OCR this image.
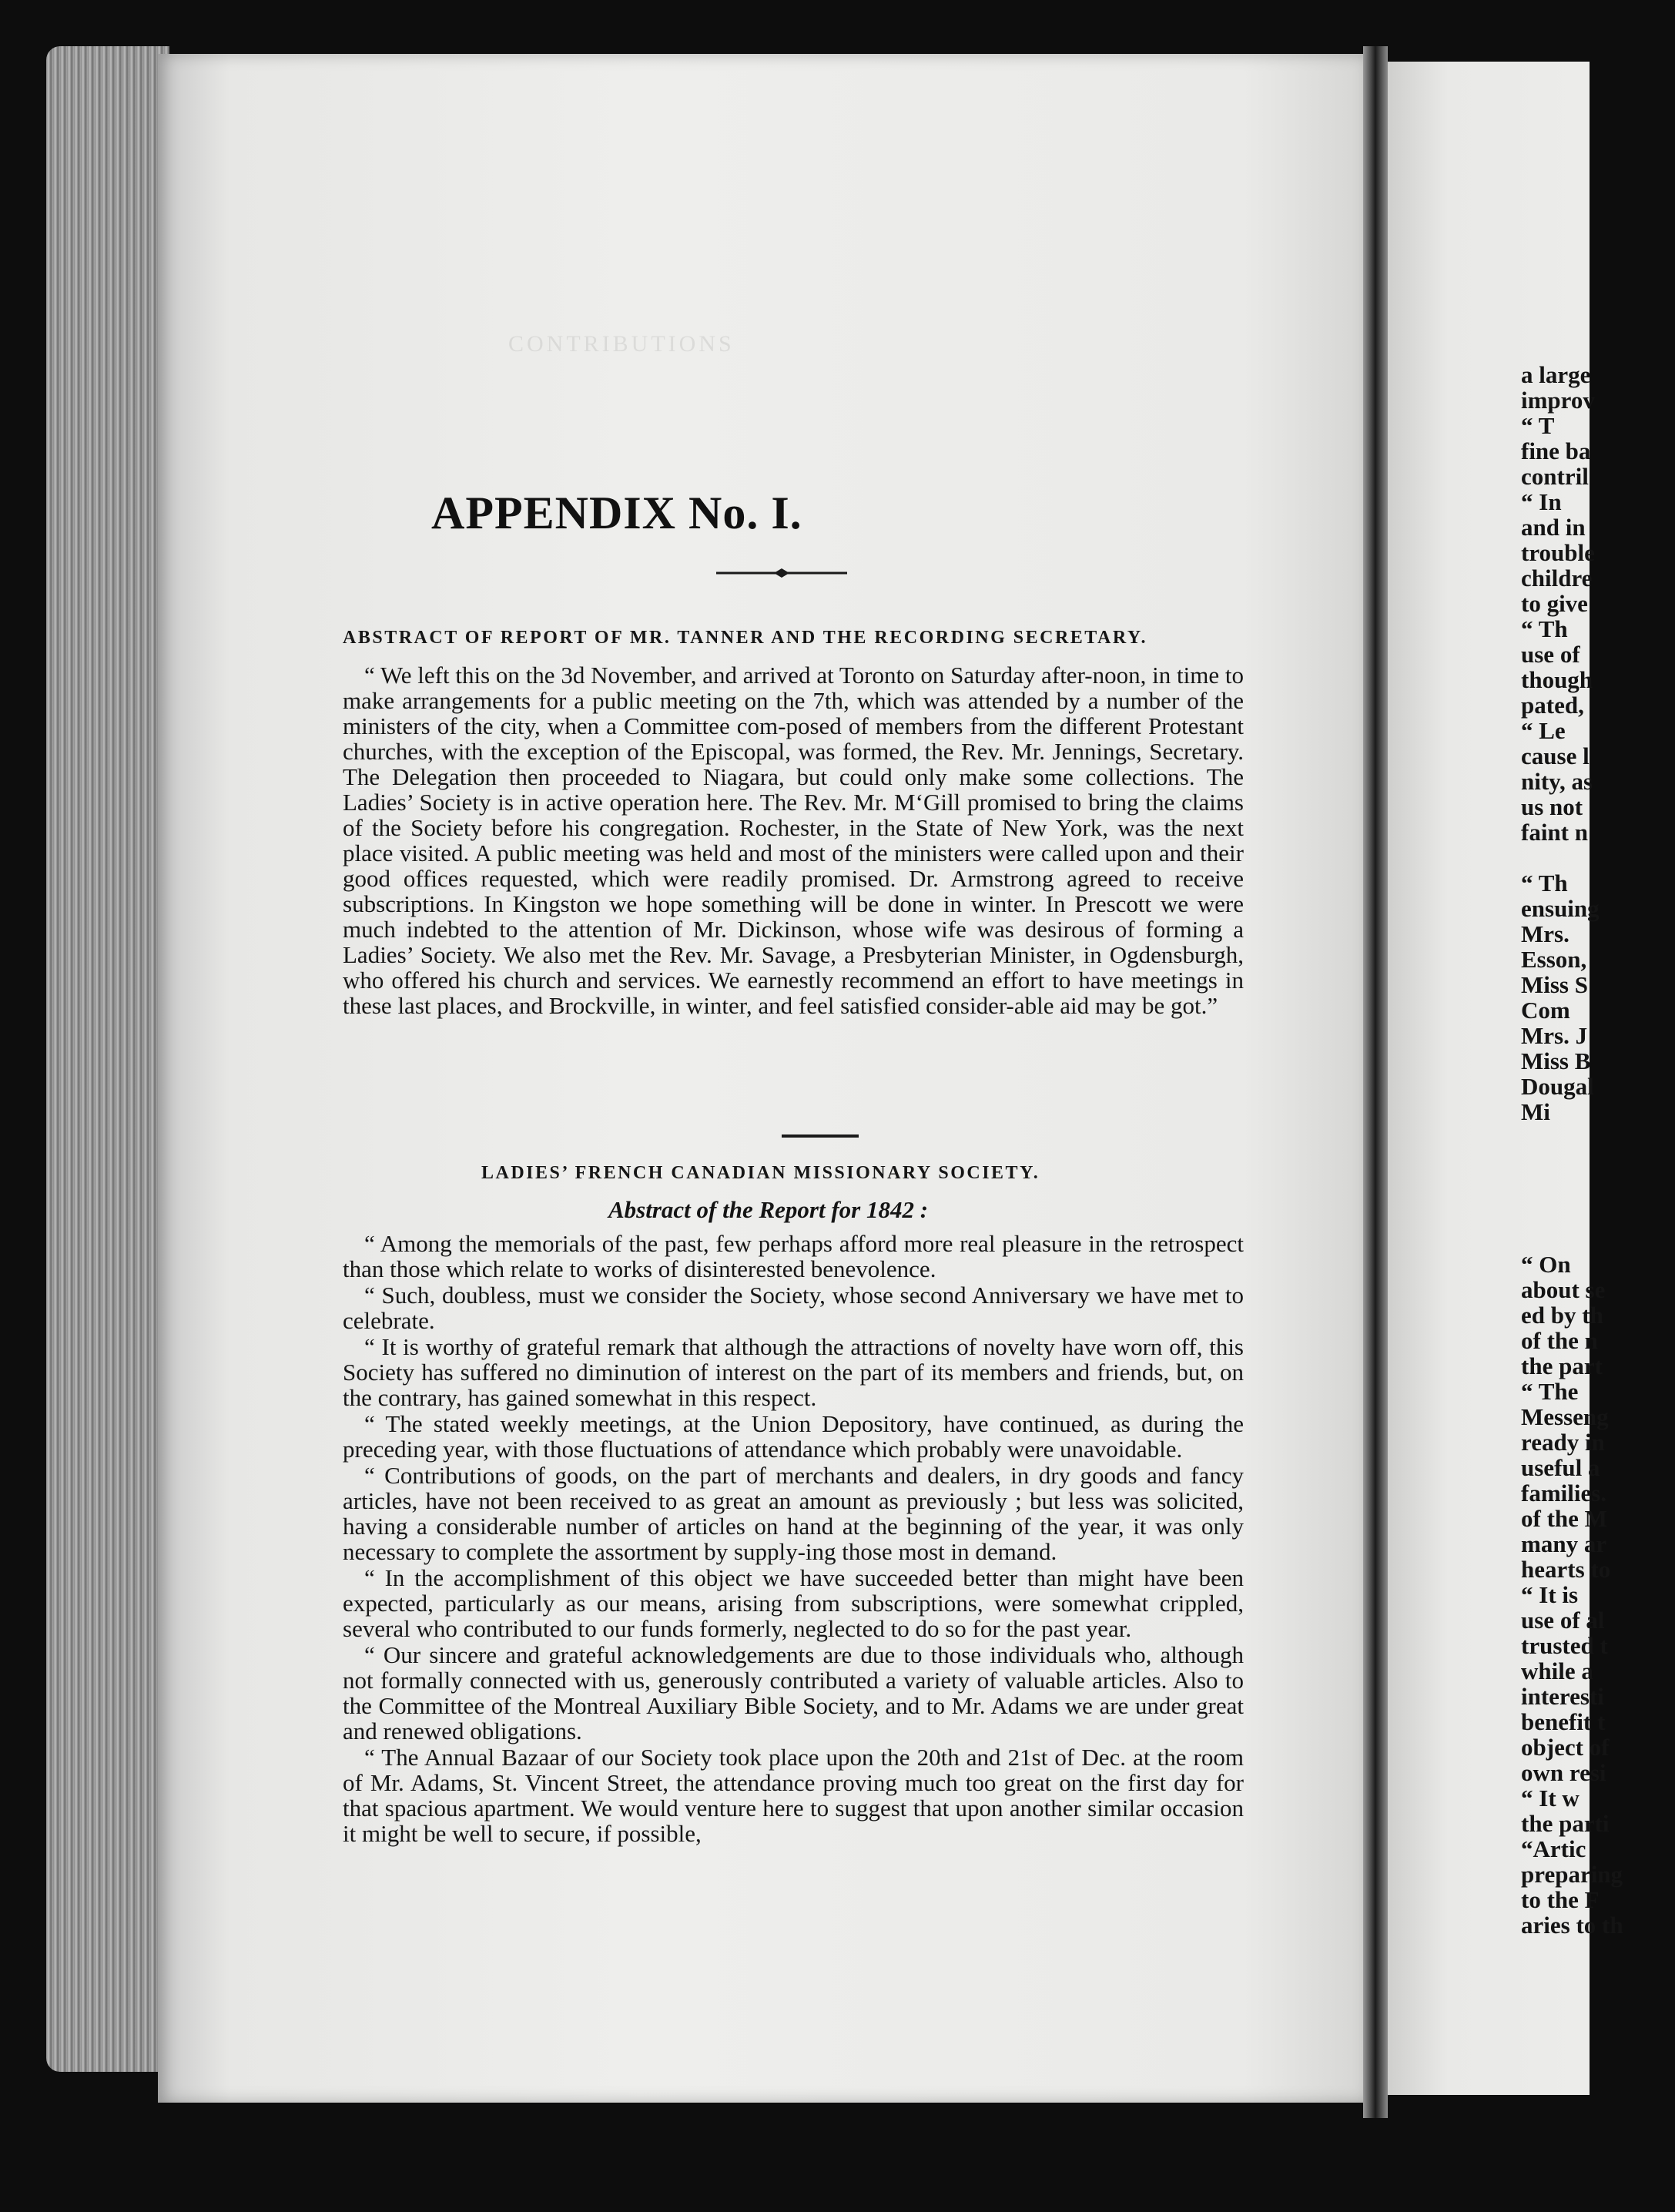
CONTRIBUTIONS
APPENDIX No. I.
ABSTRACT OF REPORT OF MR. TANNER AND THE RECORDING SECRETARY.

“ We left this on the 3d November, and arrived at Toronto on Saturday after-noon, in time to make arrangements for a public meeting on the 7th, which was attended by a number of the ministers of the city, when a Committee com-posed of members from the different Protestant churches, with the exception of the Episcopal, was formed, the Rev. Mr. Jennings, Secretary. The Delegation then proceeded to Niagara, but could only make some collections. The Ladies’ Society is in active operation here. The Rev. Mr. M‘Gill promised to bring the claims of the Society before his congregation. Rochester, in the State of New York, was the next place visited. A public meeting was held and most of the ministers were called upon and their good offices requested, which were readily promised. Dr. Armstrong agreed to receive subscriptions. In Kingston we hope something will be done in winter. In Prescott we were much indebted to the attention of Mr. Dickinson, whose wife was desirous of forming a Ladies’ Society. We also met the Rev. Mr. Savage, a Presbyterian Minister, in Ogdensburgh, who offered his church and services. We earnestly recommend an effort to have meetings in these last places, and Brockville, in winter, and feel satisfied consider-able aid may be got.”

LADIES’ FRENCH CANADIAN MISSIONARY SOCIETY.
Abstract of the Report for 1842 :

“ Among the memorials of the past, few perhaps afford more real pleasure in the retrospect than those which relate to works of disinterested benevolence.

“ Such, doubless, must we consider the Society, whose second Anniversary we have met to celebrate.

“ It is worthy of grateful remark that although the attractions of novelty have worn off, this Society has suffered no diminution of interest on the part of its members and friends, but, on the contrary, has gained somewhat in this respect.

“ The stated weekly meetings, at the Union Depository, have continued, as during the preceding year, with those fluctuations of attendance which probably were unavoidable.

“ Contributions of goods, on the part of merchants and dealers, in dry goods and fancy articles, have not been received to as great an amount as previously ; but less was solicited, having a considerable number of articles on hand at the beginning of the year, it was only necessary to complete the assortment by supply-ing those most in demand.

“ In the accomplishment of this object we have succeeded better than might have been expected, particularly as our means, arising from subscriptions, were somewhat crippled, several who contributed to our funds formerly, neglected to do so for the past year.

“ Our sincere and grateful acknowledgements are due to those individuals who, although not formally connected with us, generously contributed a variety of valuable articles. Also to the Committee of the Montreal Auxiliary Bible Society, and to Mr. Adams we are under great and renewed obligations.

“ The Annual Bazaar of our Society took place upon the 20th and 21st of Dec. at the room of Mr. Adams, St. Vincent Street, the attendance proving much too great on the first day for that spacious apartment. We would venture here to suggest that upon another similar occasion it might be well to secure, if possible,

a large
improv
“ T
fine ba
contril
“ In
and in
trouble
childre
to give
“ Th
use of
though
pated,
“ Le
cause l
nity, as
us not
faint n
“ Th
ensuing
Mrs.
Esson,
Miss S
Com
Mrs. J
Miss B
Dougal
Mi
“ On
about se
ed by th
of the n
the part
“ The
Messeng
ready in
useful a
families.
of the M
many ar
hearts to
“ It is
use of al
trusted t
while a
interesti
benefit t
object of
own resi
“ It w
the parti
“Artic
preparing
to the F
aries to th
